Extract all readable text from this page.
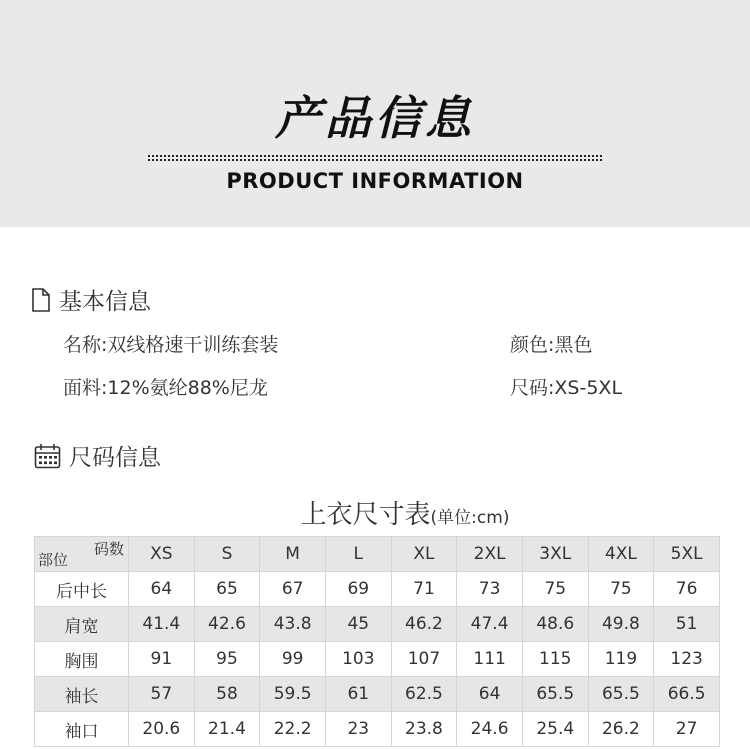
产品信息
PRODUCT INFORMATION
基本信息
名称:双线格速干训练套装	颜色:黑色
面料:12%氨纶88%尼龙	尺码:XS-5XL
尺码信息
上衣尺寸表(单位:cm)
码数
部位	XS	S	M	L	XL	2XL	3XL	4XL	5XL
后中长	64	65	67	69	71	73	75	75	76
肩宽	41.4	42.6	43.8	45	46.2	47.4	48.6	49.8	51
胸围	91	95	99	103	107	111	115	119	123
袖长	57	58	59.5	61	62.5	64	65.5	65.5	66.5
袖口	20.6	21.4	22.2	23	23.8	24.6	25.4	26.2	27
